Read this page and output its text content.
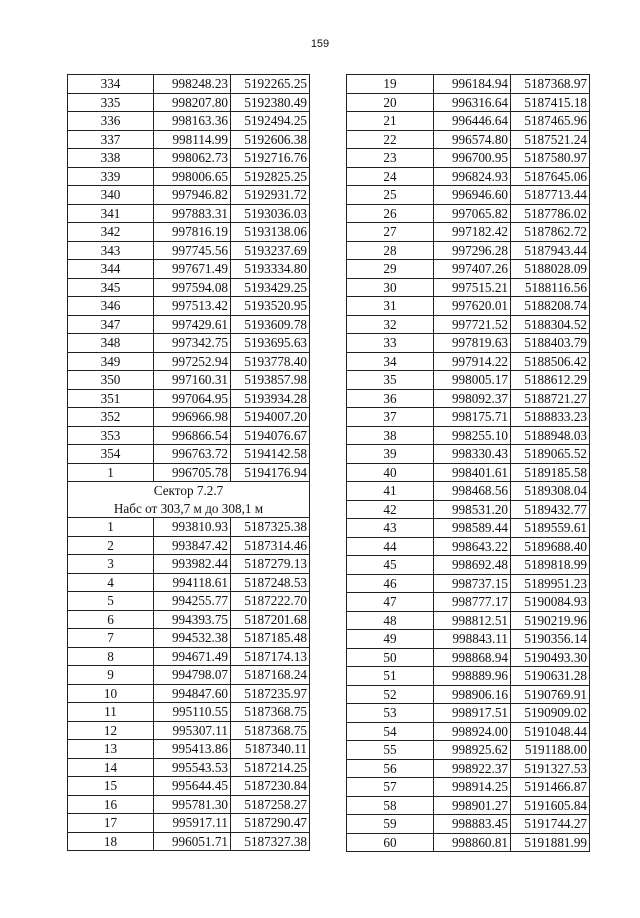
159
334	998248.23	5192265.25
335	998207.80	5192380.49
336	998163.36	5192494.25
337	998114.99	5192606.38
338	998062.73	5192716.76
339	998006.65	5192825.25
340	997946.82	5192931.72
341	997883.31	5193036.03
342	997816.19	5193138.06
343	997745.56	5193237.69
344	997671.49	5193334.80
345	997594.08	5193429.25
346	997513.42	5193520.95
347	997429.61	5193609.78
348	997342.75	5193695.63
349	997252.94	5193778.40
350	997160.31	5193857.98
351	997064.95	5193934.28
352	996966.98	5194007.20
353	996866.54	5194076.67
354	996763.72	5194142.58
1	996705.78	5194176.94
Сектор 7.2.7		
Набс от 303,7 м до 308,1 м		
1	993810.93	5187325.38
2	993847.42	5187314.46
3	993982.44	5187279.13
4	994118.61	5187248.53
5	994255.77	5187222.70
6	994393.75	5187201.68
7	994532.38	5187185.48
8	994671.49	5187174.13
9	994798.07	5187168.24
10	994847.60	5187235.97
11	995110.55	5187368.75
12	995307.11	5187368.75
13	995413.86	5187340.11
14	995543.53	5187214.25
15	995644.45	5187230.84
16	995781.30	5187258.27
17	995917.11	5187290.47
18	996051.71	5187327.38
19	996184.94	5187368.97
20	996316.64	5187415.18
21	996446.64	5187465.96
22	996574.80	5187521.24
23	996700.95	5187580.97
24	996824.93	5187645.06
25	996946.60	5187713.44
26	997065.82	5187786.02
27	997182.42	5187862.72
28	997296.28	5187943.44
29	997407.26	5188028.09
30	997515.21	5188116.56
31	997620.01	5188208.74
32	997721.52	5188304.52
33	997819.63	5188403.79
34	997914.22	5188506.42
35	998005.17	5188612.29
36	998092.37	5188721.27
37	998175.71	5188833.23
38	998255.10	5188948.03
39	998330.43	5189065.52
40	998401.61	5189185.58
41	998468.56	5189308.04
42	998531.20	5189432.77
43	998589.44	5189559.61
44	998643.22	5189688.40
45	998692.48	5189818.99
46	998737.15	5189951.23
47	998777.17	5190084.93
48	998812.51	5190219.96
49	998843.11	5190356.14
50	998868.94	5190493.30
51	998889.96	5190631.28
52	998906.16	5190769.91
53	998917.51	5190909.02
54	998924.00	5191048.44
55	998925.62	5191188.00
56	998922.37	5191327.53
57	998914.25	5191466.87
58	998901.27	5191605.84
59	998883.45	5191744.27
60	998860.81	5191881.99
